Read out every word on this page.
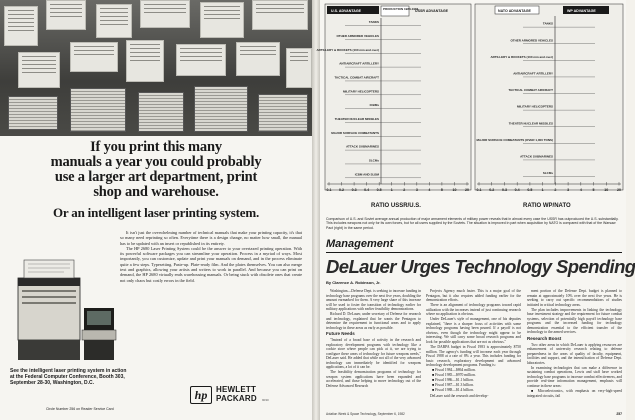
If you print this many
manuals a year you could probably
use a larger art department, print
shop and warehouse.
Or an intelligent laser printing system.

It isn't just the overwhelming number of technical manuals that make your printing capacity, it's that so many need reprinting so often. Everytime there is a design change, no matter how small, the manual has to be updated with an insert or republished in its entirety.

The HP 2680 Laser Printing System could be the answer to your overtaxed printing operation. With its powerful software packages you can streamline your operation. Process in a myriad of ways. Most importantly, you can customize, update and print your manuals on demand, and in the process eliminate quite a few steps. Typesetting. Paste-up. Plate-ready film. And the plates themselves. You can also merge text and graphics, allowing your artists and writers to work in parallel. And because you can print on demand, the HP 2680 virtually ends warehousing manuals. Or being stuck with obsolete ones that create not only chaos but costly errors in the field.

See the intelligent laser printing system in action at the Federal Computer Conference, Booth 303, September 28-30, Washington, D.C.
Circle Number 256 on Reader Service Card
hp	HEWLETT
PACKARD 9030
U.S. ADVANTAGE	PRODUCTION 1983-1984
USSR ADVANTAGE
TANKS
OTHER ARMORED VEHICLES
ARTILLERY & ROCKETS (100 mm and over)
ANTIAIRCRAFT ARTILLERY
TACTICAL COMBAT AIRCRAFT
MILITARY HELICOPTERS
ICBMs
THEATER NUCLEAR MISSILES
MAJOR SURFACE COMBATANTS
ATTACK SUBMARINES
SLCMs
ICBM AND SLBM
0.1 0.2 0.3 0.4 0.5	1	2	3	4	5	10 20
RATIO USSR/U.S.
NATO ADVANTAGE	WP ADVANTAGE
TANKS
OTHER ARMORED VEHICLES
ARTILLERY & ROCKETS (100 mm and over)
ANTIAIRCRAFT ARTILLERY
TACTICAL COMBAT AIRCRAFT
MILITARY HELICOPTERS
THEATER NUCLEAR MISSILES
MAJOR SURFACE COMBATANTS (OVER 1,000 TONS)
ATTACK SUBMARINES
SLCMs
0.1 0.2 0.3 0.4 0.5	1	2	3	4	5	10 20
RATIO WP/NATO
Comparison of U.S. and Soviet average annual production of major armament elements of military power reveals that in almost every case the USSR has outproduced the U.S. substantially. This includes weapons not only for its own forces, but for all users supplied by the Soviets. The situation is improved in part when acquisition by NATO is compared with that of the Warsaw Pact (right) in the same period.
Management
DeLauer Urges Technology Spending
By Clarence A. Robinson, Jr.

Washington—Defense Dept. is seeking to increase funding in technology base programs over the next five years, doubling the amount earmarked for them. A very large share of this increase will be used to foster the transition of technology earlier for military applications with earlier feasibility demonstrations.

Richard D. DeLauer, under secretary of Defense for research and technology, explained that he wants the Pentagon to determine the requirement in functional areas and to apply technology in these areas as early as possible.

Future Needs

"Instead of a broad base of activity in the research and exploratory development programs with technology like a cookie store where people can pick at it, we are trying to configure these areas of technology for future weapons needs," DeLauer said. He added that while not all of the very advanced technology can immediately be identified for weapons applications, a lot of it can be.

The feasibility demonstration programs of technology for weapon system applications have been expanded and accelerated, and those helping to move technology out of the Defense Advanced Research

Projects Agency much faster. This is a major goal of the Pentagon, but it also requires added funding earlier for the demonstration efforts.

There is an alignment of technology programs toward rapid utilization with the increases instead of just continuing research where no application is obvious.

Under DeLauer's style of management, one of his deputies explained, "there is a sharper focus of activities with some technology programs having been pruned. If a payoff is not obvious, even though the technology might appear to be interesting. We still carry some broad research programs and look for possible applications that are not as obvious."

The DARPA budget in Fiscal 1983 is approximately $750 million. The agency's funding will increase each year through Fiscal 1988 at a rate of 8% a year. This includes funding for basic research, exploratory development and advanced technology development programs. Funding is:

■ Fiscal 1984—$864 million.

■ Fiscal 1985—$970 million.

■ Fiscal 1986—$1.1 billion.

■ Fiscal 1987—$1.3 billion.

■ Fiscal 1988—$1.4 billion.

DeLauer said the research and develop-

ment portion of the Defense Dept. budget is planned to remain at approximately 10% over the next five years. He is seeking to carry out specific recommendations of studies initiated in critical technology areas.

The plan includes improvements in linking the technology base investment strategy and the requirement for future combat systems, selection of potentially high payoff technology base programs and the increased funding for technology demonstration essential to the efficient transfer of the technology to the armed services.

Research Boost

Two other areas in which DeLauer is applying resources are enhancement of university research relating to defense preparedness in the areas of quality of faculty, equipment, facilities and support, and the intensification of Defense Dept. laboratories.

In examining technologies that can make a difference in sustaining combat operations, Lewis and staff have worked technology base programs to increase combat effectiveness, and provide real-time information management, emphasis will continue in these areas:

■ Microelectronics, with emphasis on very-high-speed integrated circuits, fail

Aviation Week & Space Technology, September 6, 1982	257
